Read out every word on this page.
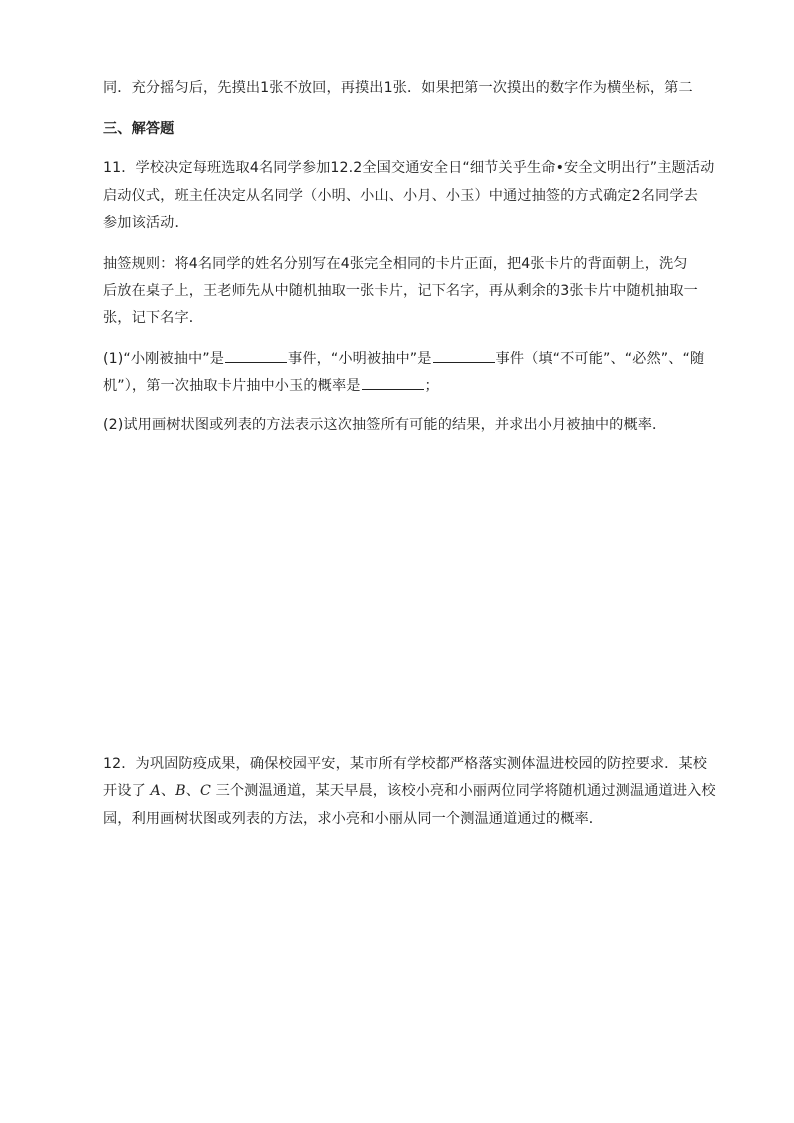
同．充分摇匀后，先摸出1张不放回，再摸出1张．如果把第一次摸出的数字作为横坐标，第二
三、解答题
11．学校决定每班选取4名同学参加12.2全国交通安全日“细节关乎生命•安全文明出行”主题活动
启动仪式，班主任决定从名同学（小明、小山、小月、小玉）中通过抽签的方式确定2名同学去
参加该活动．
抽签规则：将4名同学的姓名分别写在4张完全相同的卡片正面，把4张卡片的背面朝上，洗匀
后放在桌子上，王老师先从中随机抽取一张卡片，记下名字，再从剩余的3张卡片中随机抽取一
张，记下名字．
(1)“小刚被抽中”是	事件，“小明被抽中”是	事件（填“不可能”、“必然”、“随
机”），第一次抽取卡片抽中小玉的概率是	；
(2)试用画树状图或列表的方法表示这次抽签所有可能的结果，并求出小月被抽中的概率．
12．为巩固防疫成果，确保校园平安，某市所有学校都严格落实测体温进校园的防控要求．某校
开设了 A、B、C 三个测温通道，某天早晨，该校小亮和小丽两位同学将随机通过测温通道进入校
园，利用画树状图或列表的方法，求小亮和小丽从同一个测温通道通过的概率．
